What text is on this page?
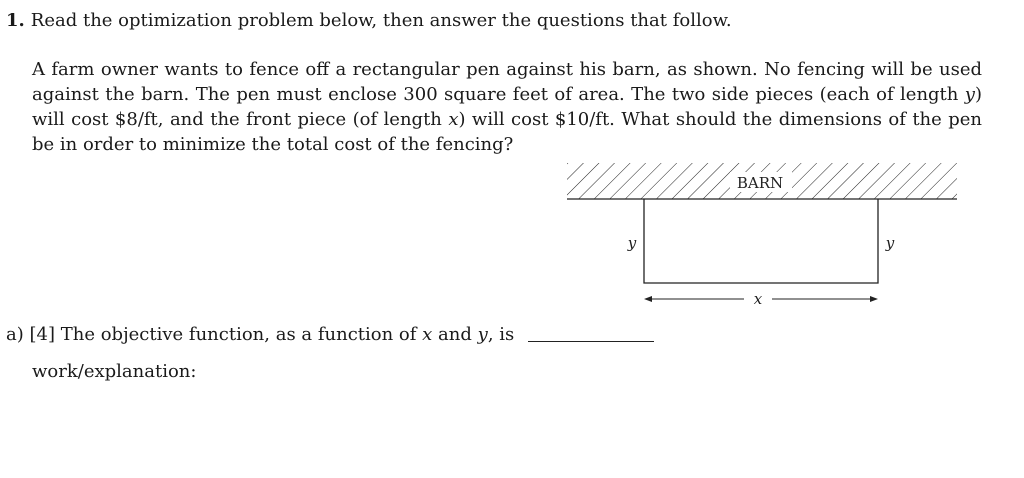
1. Read the optimization problem below, then answer the questions that follow.
A farm owner wants to fence off a rectangular pen against his barn, as shown. No fencing will be used against the barn. The pen must enclose 300 square feet of area. The two side pieces (each of length y) will cost $8/ft, and the front piece (of length x) will cost $10/ft. What should the dimensions of the pen be in order to minimize the total cost of the fencing?
BARN
y	y
x
a) [4] The objective function, as a function of x and y, is
work/explanation:
